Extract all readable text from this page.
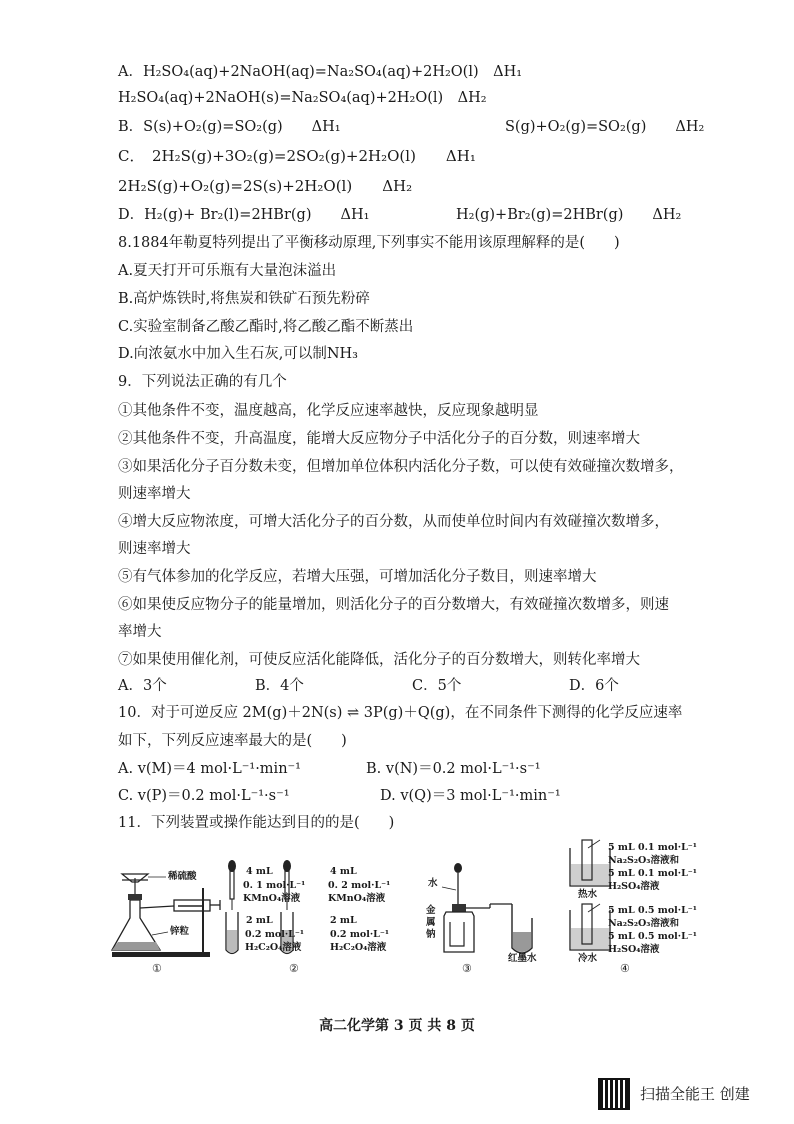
A．H₂SO₄(aq)+2NaOH(aq)=Na₂SO₄(aq)+2H₂O(l)　ΔH₁
H₂SO₄(aq)+2NaOH(s)=Na₂SO₄(aq)+2H₂O(l)　ΔH₂
B．S(s)+O₂(g)=SO₂(g)　　ΔH₁	S(g)+O₂(g)=SO₂(g)　　ΔH₂
C．　2H₂S(g)+3O₂(g)=2SO₂(g)+2H₂O(l)　　ΔH₁
2H₂S(g)+O₂(g)=2S(s)+2H₂O(l)　　ΔH₂
D．H₂(g)+ Br₂(l)=2HBr(g)　　ΔH₁	H₂(g)+Br₂(g)=2HBr(g)　　ΔH₂
8.1884年勒夏特列提出了平衡移动原理,下列事实不能用该原理解释的是(　　)
A.夏天打开可乐瓶有大量泡沫溢出
B.高炉炼铁时,将焦炭和铁矿石预先粉碎
C.实验室制备乙酸乙酯时,将乙酸乙酯不断蒸出
D.向浓氨水中加入生石灰,可以制NH₃
9．下列说法正确的有几个
①其他条件不变，温度越高，化学反应速率越快，反应现象越明显
②其他条件不变，升高温度，能增大反应物分子中活化分子的百分数，则速率增大
③如果活化分子百分数未变，但增加单位体积内活化分子数，可以使有效碰撞次数增多，
则速率增大
④增大反应物浓度，可增大活化分子的百分数，从而使单位时间内有效碰撞次数增多，
则速率增大
⑤有气体参加的化学反应，若增大压强，可增加活化分子数目，则速率增大
⑥如果使反应物分子的能量增加，则活化分子的百分数增大，有效碰撞次数增多，则速
率增大
⑦如果使用催化剂，可使反应活化能降低，活化分子的百分数增大，则转化率增大
A．3个	B．4个	C．5个	D．6个
10．对于可逆反应 2M(g)＋2N(s) ⇌ 3P(g)＋Q(g)，在不同条件下测得的化学反应速率
如下，下列反应速率最大的是(　　)
A. v(M)＝4 mol·L⁻¹·min⁻¹	B. v(N)＝0.2 mol·L⁻¹·s⁻¹
C. v(P)＝0.2 mol·L⁻¹·s⁻¹	D. v(Q)＝3 mol·L⁻¹·min⁻¹
11．下列装置或操作能达到目的的是(　　)
稀硫酸
锌粒
①
4 mL
0. 1 mol·L⁻¹
KMnO₄溶液
2 mL
0.2 mol·L⁻¹
H₂C₂O₄溶液
4 mL
0. 2 mol·L⁻¹
KMnO₄溶液
2 mL
0.2 mol·L⁻¹
H₂C₂O₄溶液
②
水
金
属
钠
红墨水
③
5 mL 0.1 mol·L⁻¹
Na₂S₂O₃溶液和
5 mL 0.1 mol·L⁻¹
H₂SO₄溶液
热水
5 mL 0.5 mol·L⁻¹
Na₂S₂O₃溶液和
5 mL 0.5 mol·L⁻¹
H₂SO₄溶液
冷水
④
高二化学第 3 页 共 8 页
扫描全能王 创建
